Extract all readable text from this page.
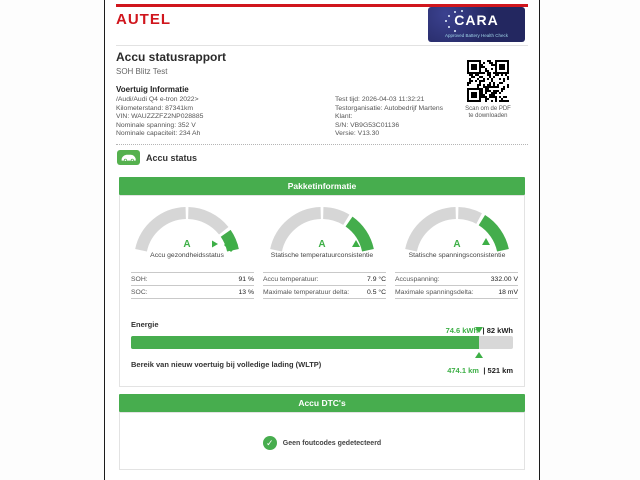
AUTEL	CARA
Approved Battery Health Check
Accu statusrapport
SOH Blitz Test
Voertuig Informatie
/Audi/Audi Q4 e-tron 2022>
Kilometerstand: 87341km
VIN: WAUZZZFZ2NP028885
Nominale spanning: 352 V
Nominale capaciteit: 234 Ah
Test tijd: 2026-04-03 11:32:21
Testorganisatie: Autobedrijf Martens
Klant:
S/N: VB9G53C01136
Versie: V13.30
Scan om de PDF
te downloaden
Accu status
Pakketinformatie
A
Accu gezondheidsstatus
A
Statische temperatuurconsistentie
A
Statische spanningsconsistentie
SOH:	91 %
SOC:	13 %
Accu temperatuur:	7.9 °C
Maximale temperatuur delta:	0.5 °C
Accuspanning:	332.00 V
Maximale spanningsdelta:	18 mV
Energie
74.6 kWh | 82 kWh
Bereik van nieuw voertuig bij volledige lading (WLTP)
474.1 km | 521 km
Accu DTC's
✓	Geen foutcodes gedetecteerd
